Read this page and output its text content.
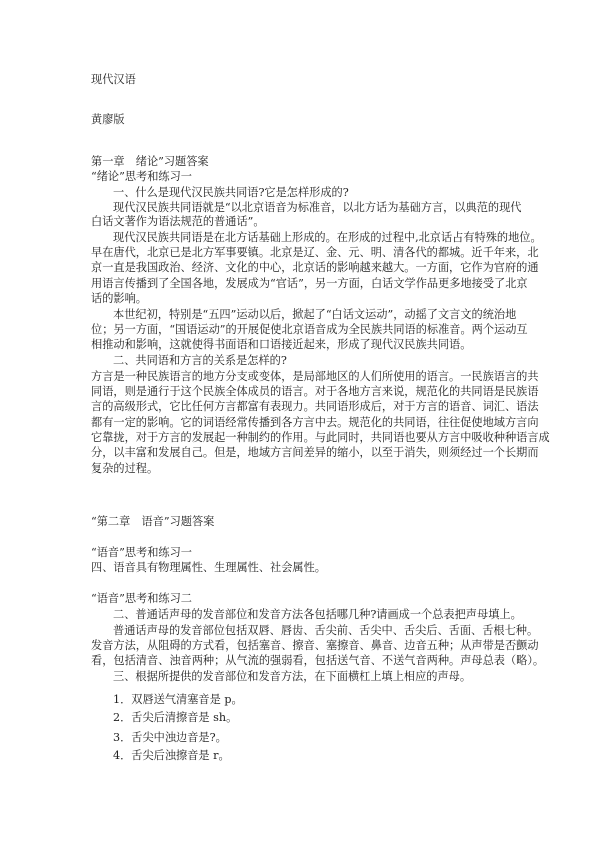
现代汉语
黄廖版
第一章　绪论”习题答案
“绪论”思考和练习一
一、什么是现代汉民族共同语?它是怎样形成的?
现代汉民族共同语就是“以北京语音为标准音，以北方话为基础方言，以典范的现代
白话文著作为语法规范的普通话”。
现代汉民族共同语是在北方话基础上形成的。在形成的过程中,北京话占有特殊的地位。
早在唐代，北京已是北方军事要镇。北京是辽、金、元、明、清各代的都城。近千年来，北
京一直是我国政治、经济、文化的中心，北京话的影响越来越大。一方面，它作为官府的通
用语言传播到了全国各地，发展成为“官话”，另一方面，白话文学作品更多地接受了北京
话的影响。
本世纪初，特别是“五四”运动以后，掀起了“白话文运动”，动摇了文言文的统治地
位；另一方面，“国语运动”的开展促使北京语音成为全民族共同语的标准音。两个运动互
相推动和影响，这就使得书面语和口语接近起来，形成了现代汉民族共同语。
二、共同语和方言的关系是怎样的?
方言是一种民族语言的地方分支或变体，是局部地区的人们所使用的语言。一民族语言的共
同语，则是通行于这个民族全体成员的语言。对于各地方言来说，规范化的共同语是民族语
言的高级形式，它比任何方言都富有表现力。共同语形成后，对于方言的语音、词汇、语法
都有一定的影响。它的词语经常传播到各方言中去。规范化的共同语，往往促使地域方言向
它靠拢，对于方言的发展起一种制约的作用。与此同时，共同语也要从方言中吸收种种语言成
分，以丰富和发展自己。但是，地域方言间差异的缩小，以至于消失，则须经过一个长期而
复杂的过程。
“第二章　语音”习题答案
“语音”思考和练习一
四、语音具有物理属性、生理属性、社会属性。
“语音”思考和练习二
二、普通话声母的发音部位和发音方法各包括哪几种?请画成一个总表把声母填上。
普通话声母的发音部位包括双唇、唇齿、舌尖前、舌尖中、舌尖后、舌面、舌根七种。
发音方法，从阻碍的方式看，包括塞音、擦音、塞擦音、鼻音、边音五种；从声带是否颤动
看，包括清音、浊音两种；从气流的强弱看，包括送气音、不送气音两种。声母总表（略）。
三、根据所提供的发音部位和发音方法，在下面横杠上填上相应的声母。
1．双唇送气清塞音是 p。
2．舌尖后清擦音是 sh。
3．舌尖中浊边音是?。
4．舌尖后浊擦音是 r。
